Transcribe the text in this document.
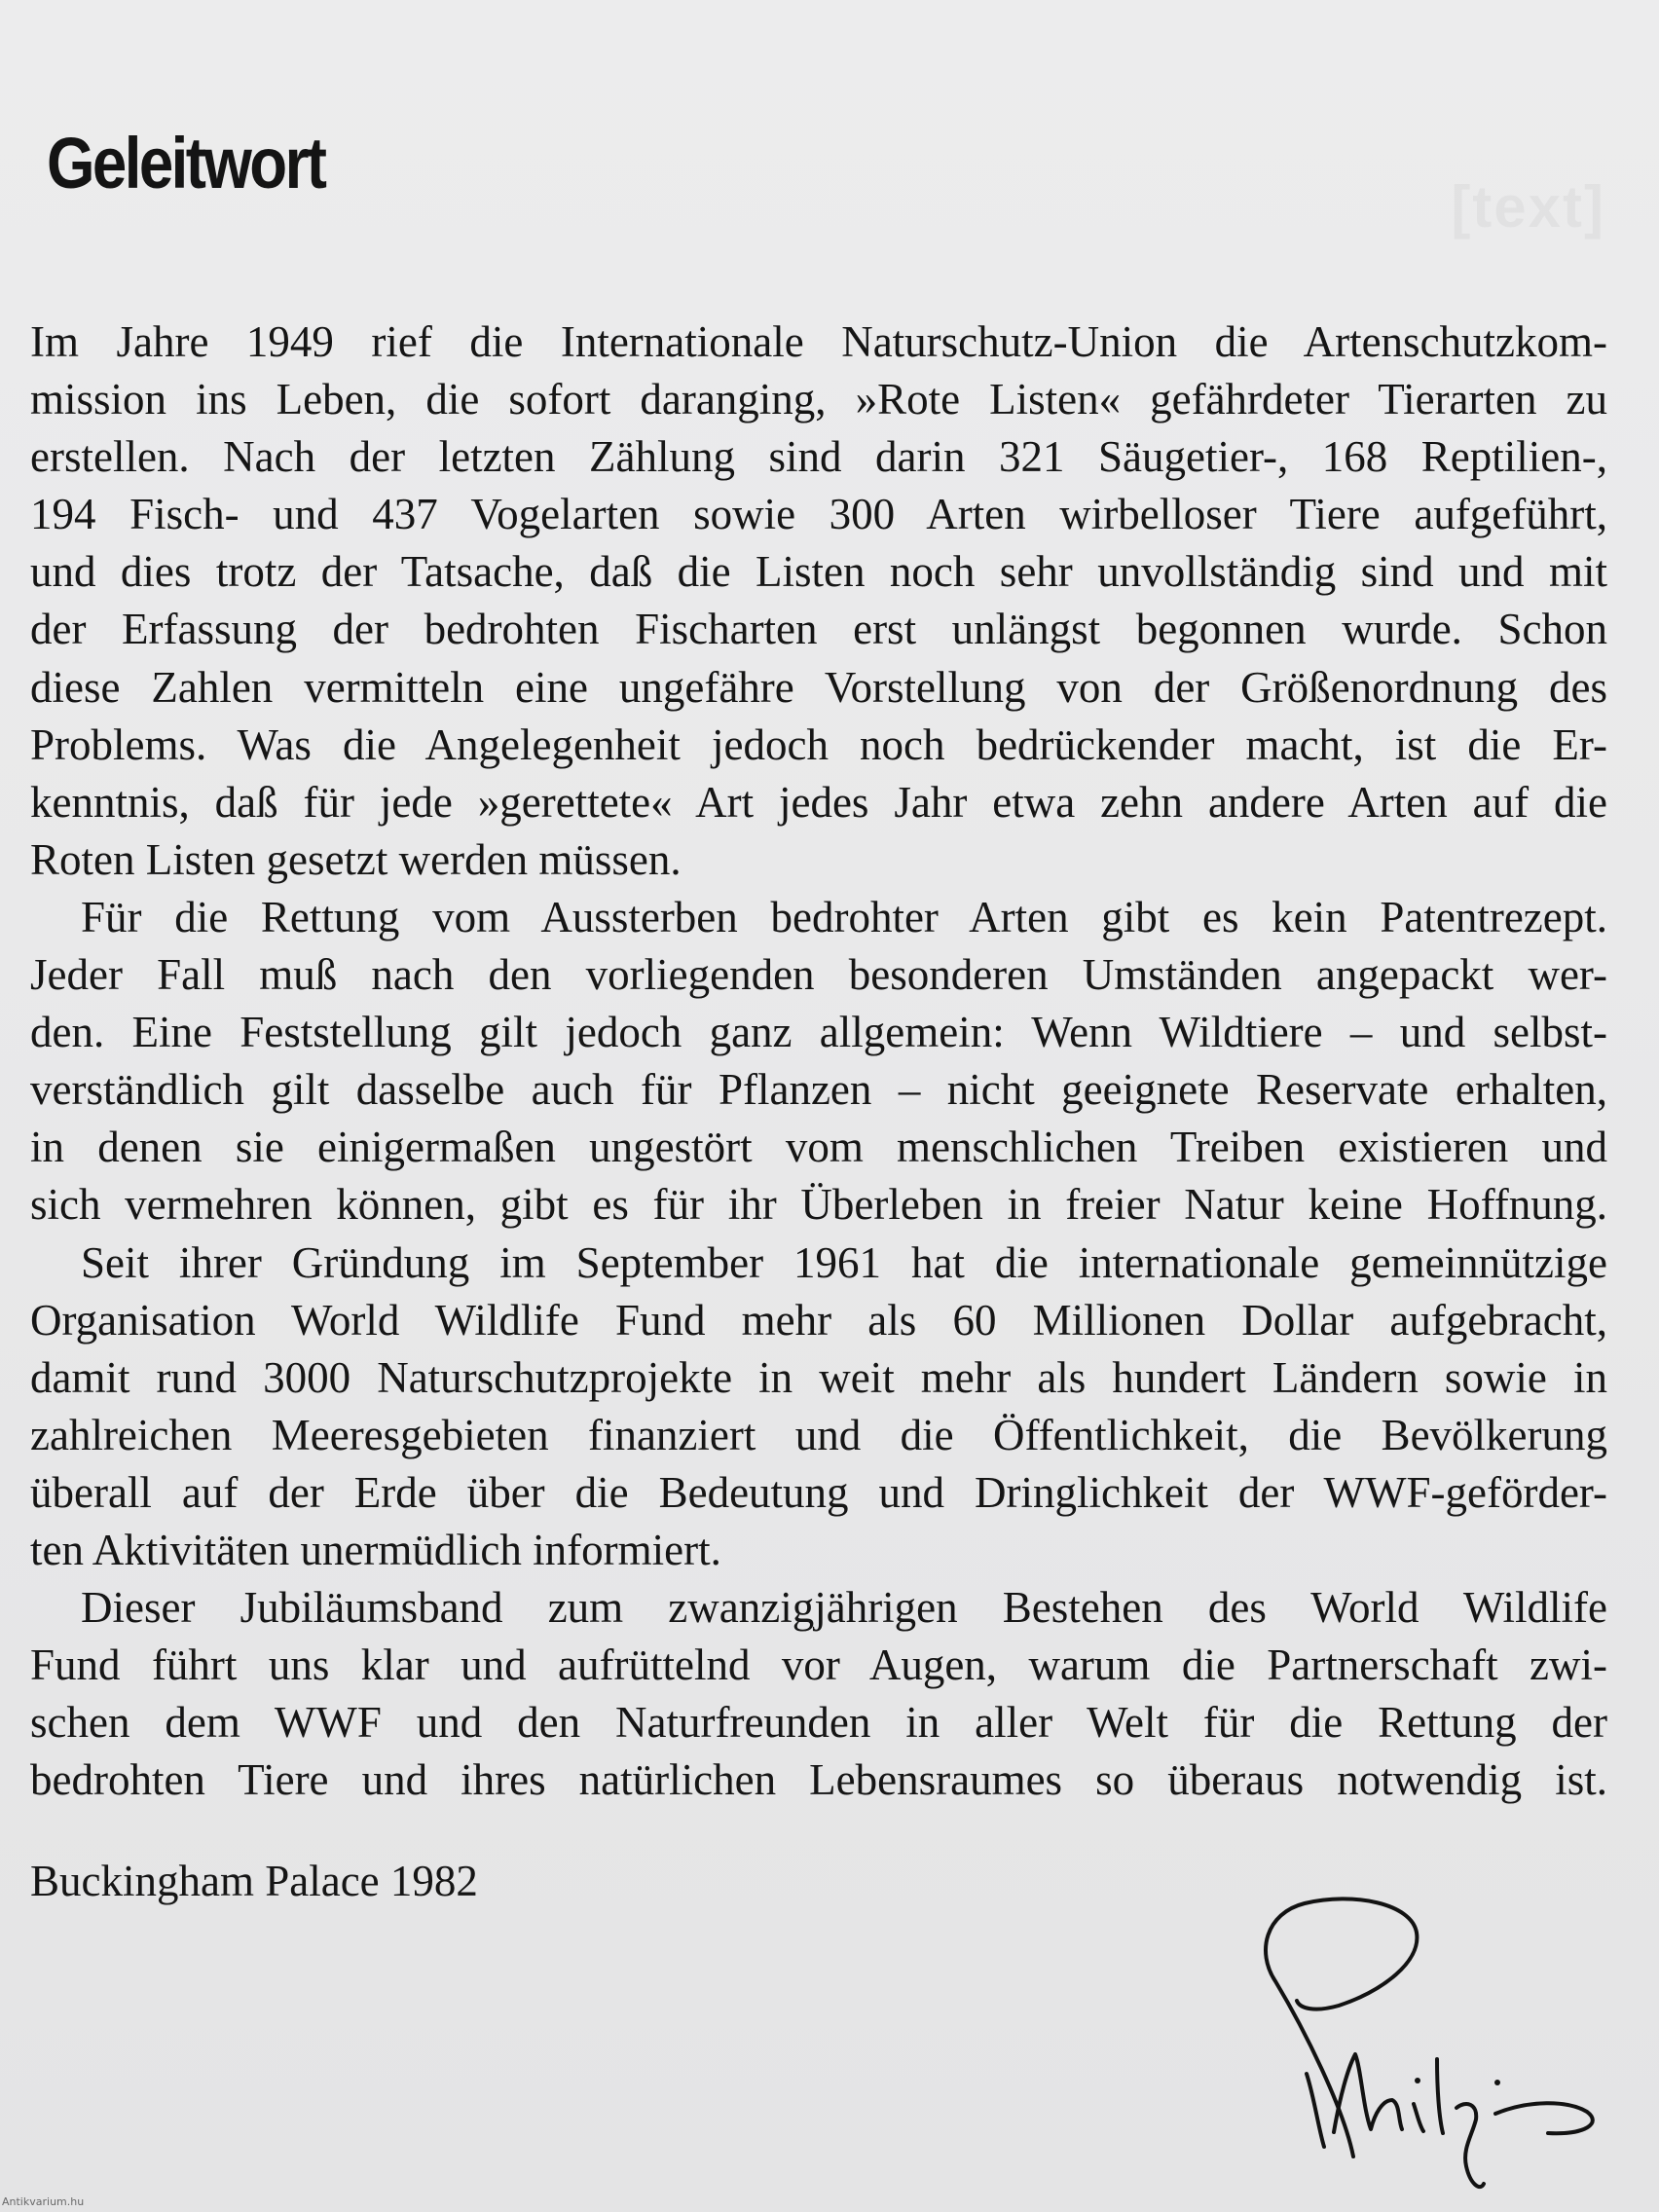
Geleitwort

Im Jahre 1949 rief die Internationale Naturschutz-Union die Artenschutzkom-
mission ins Leben, die sofort daranging, »Rote Listen« gefährdeter Tierarten zu
erstellen. Nach der letzten Zählung sind darin 321 Säugetier-, 168 Reptilien-,
194 Fisch- und 437 Vogelarten sowie 300 Arten wirbelloser Tiere aufgeführt,
und dies trotz der Tatsache, daß die Listen noch sehr unvollständig sind und mit
der Erfassung der bedrohten Fischarten erst unlängst begonnen wurde. Schon
diese Zahlen vermitteln eine ungefähre Vorstellung von der Größenordnung des
Problems. Was die Angelegenheit jedoch noch bedrückender macht, ist die Er-
kenntnis, daß für jede »gerettete« Art jedes Jahr etwa zehn andere Arten auf die
Roten Listen gesetzt werden müssen.

Für die Rettung vom Aussterben bedrohter Arten gibt es kein Patentrezept.
Jeder Fall muß nach den vorliegenden besonderen Umständen angepackt wer-
den. Eine Feststellung gilt jedoch ganz allgemein: Wenn Wildtiere – und selbst-
verständlich gilt dasselbe auch für Pflanzen – nicht geeignete Reservate erhalten,
in denen sie einigermaßen ungestört vom menschlichen Treiben existieren und
sich vermehren können, gibt es für ihr Überleben in freier Natur keine Hoffnung.

Seit ihrer Gründung im September 1961 hat die internationale gemeinnützige
Organisation World Wildlife Fund mehr als 60 Millionen Dollar aufgebracht,
damit rund 3000 Naturschutzprojekte in weit mehr als hundert Ländern sowie in
zahlreichen Meeresgebieten finanziert und die Öffentlichkeit, die Bevölkerung
überall auf der Erde über die Bedeutung und Dringlichkeit der WWF-geförder-
ten Aktivitäten unermüdlich informiert.

Dieser Jubiläumsband zum zwanzigjährigen Bestehen des World Wildlife
Fund führt uns klar und aufrüttelnd vor Augen, warum die Partnerschaft zwi-
schen dem WWF und den Naturfreunden in aller Welt für die Rettung der
bedrohten Tiere und ihres natürlichen Lebensraumes so überaus notwendig ist.

Buckingham Palace 1982

Antikvarium.hu
